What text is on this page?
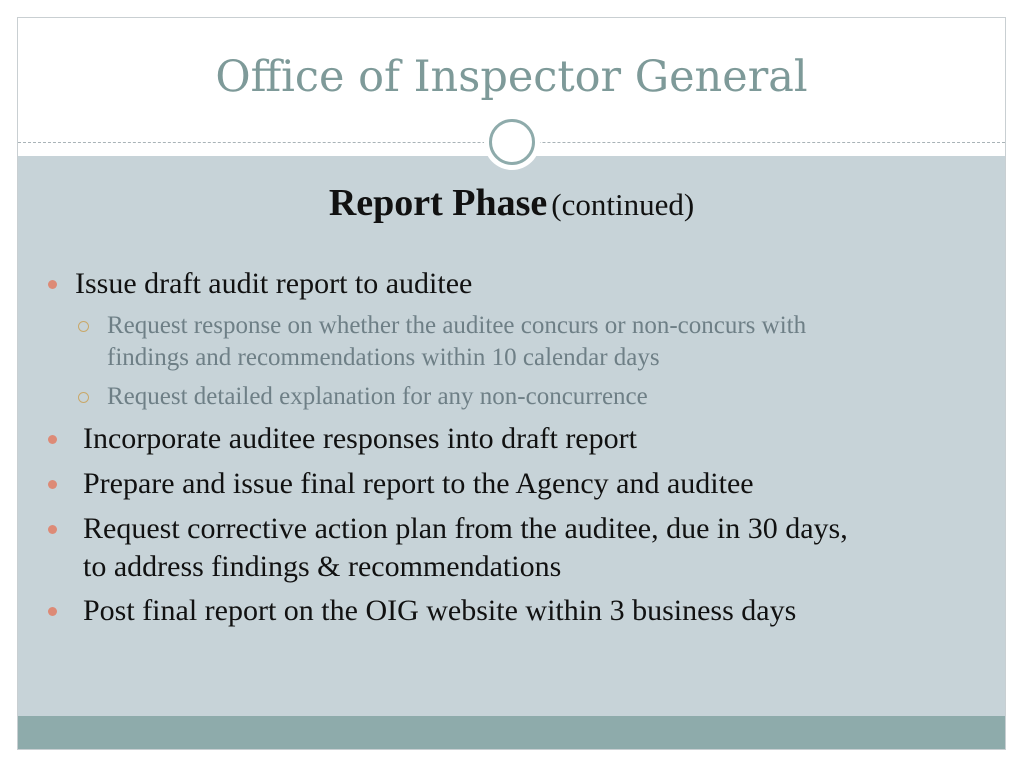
Office of Inspector General
Report Phase (continued)
Issue draft audit report to auditee
Request response on whether the auditee concurs or non-concurs with
findings and recommendations within 10 calendar days
Request detailed explanation for any non-concurrence
Incorporate auditee responses into draft report
Prepare and issue final report to the Agency and auditee
Request corrective action plan from the auditee, due in 30 days,
to address findings & recommendations
Post final report on the OIG website within 3 business days
